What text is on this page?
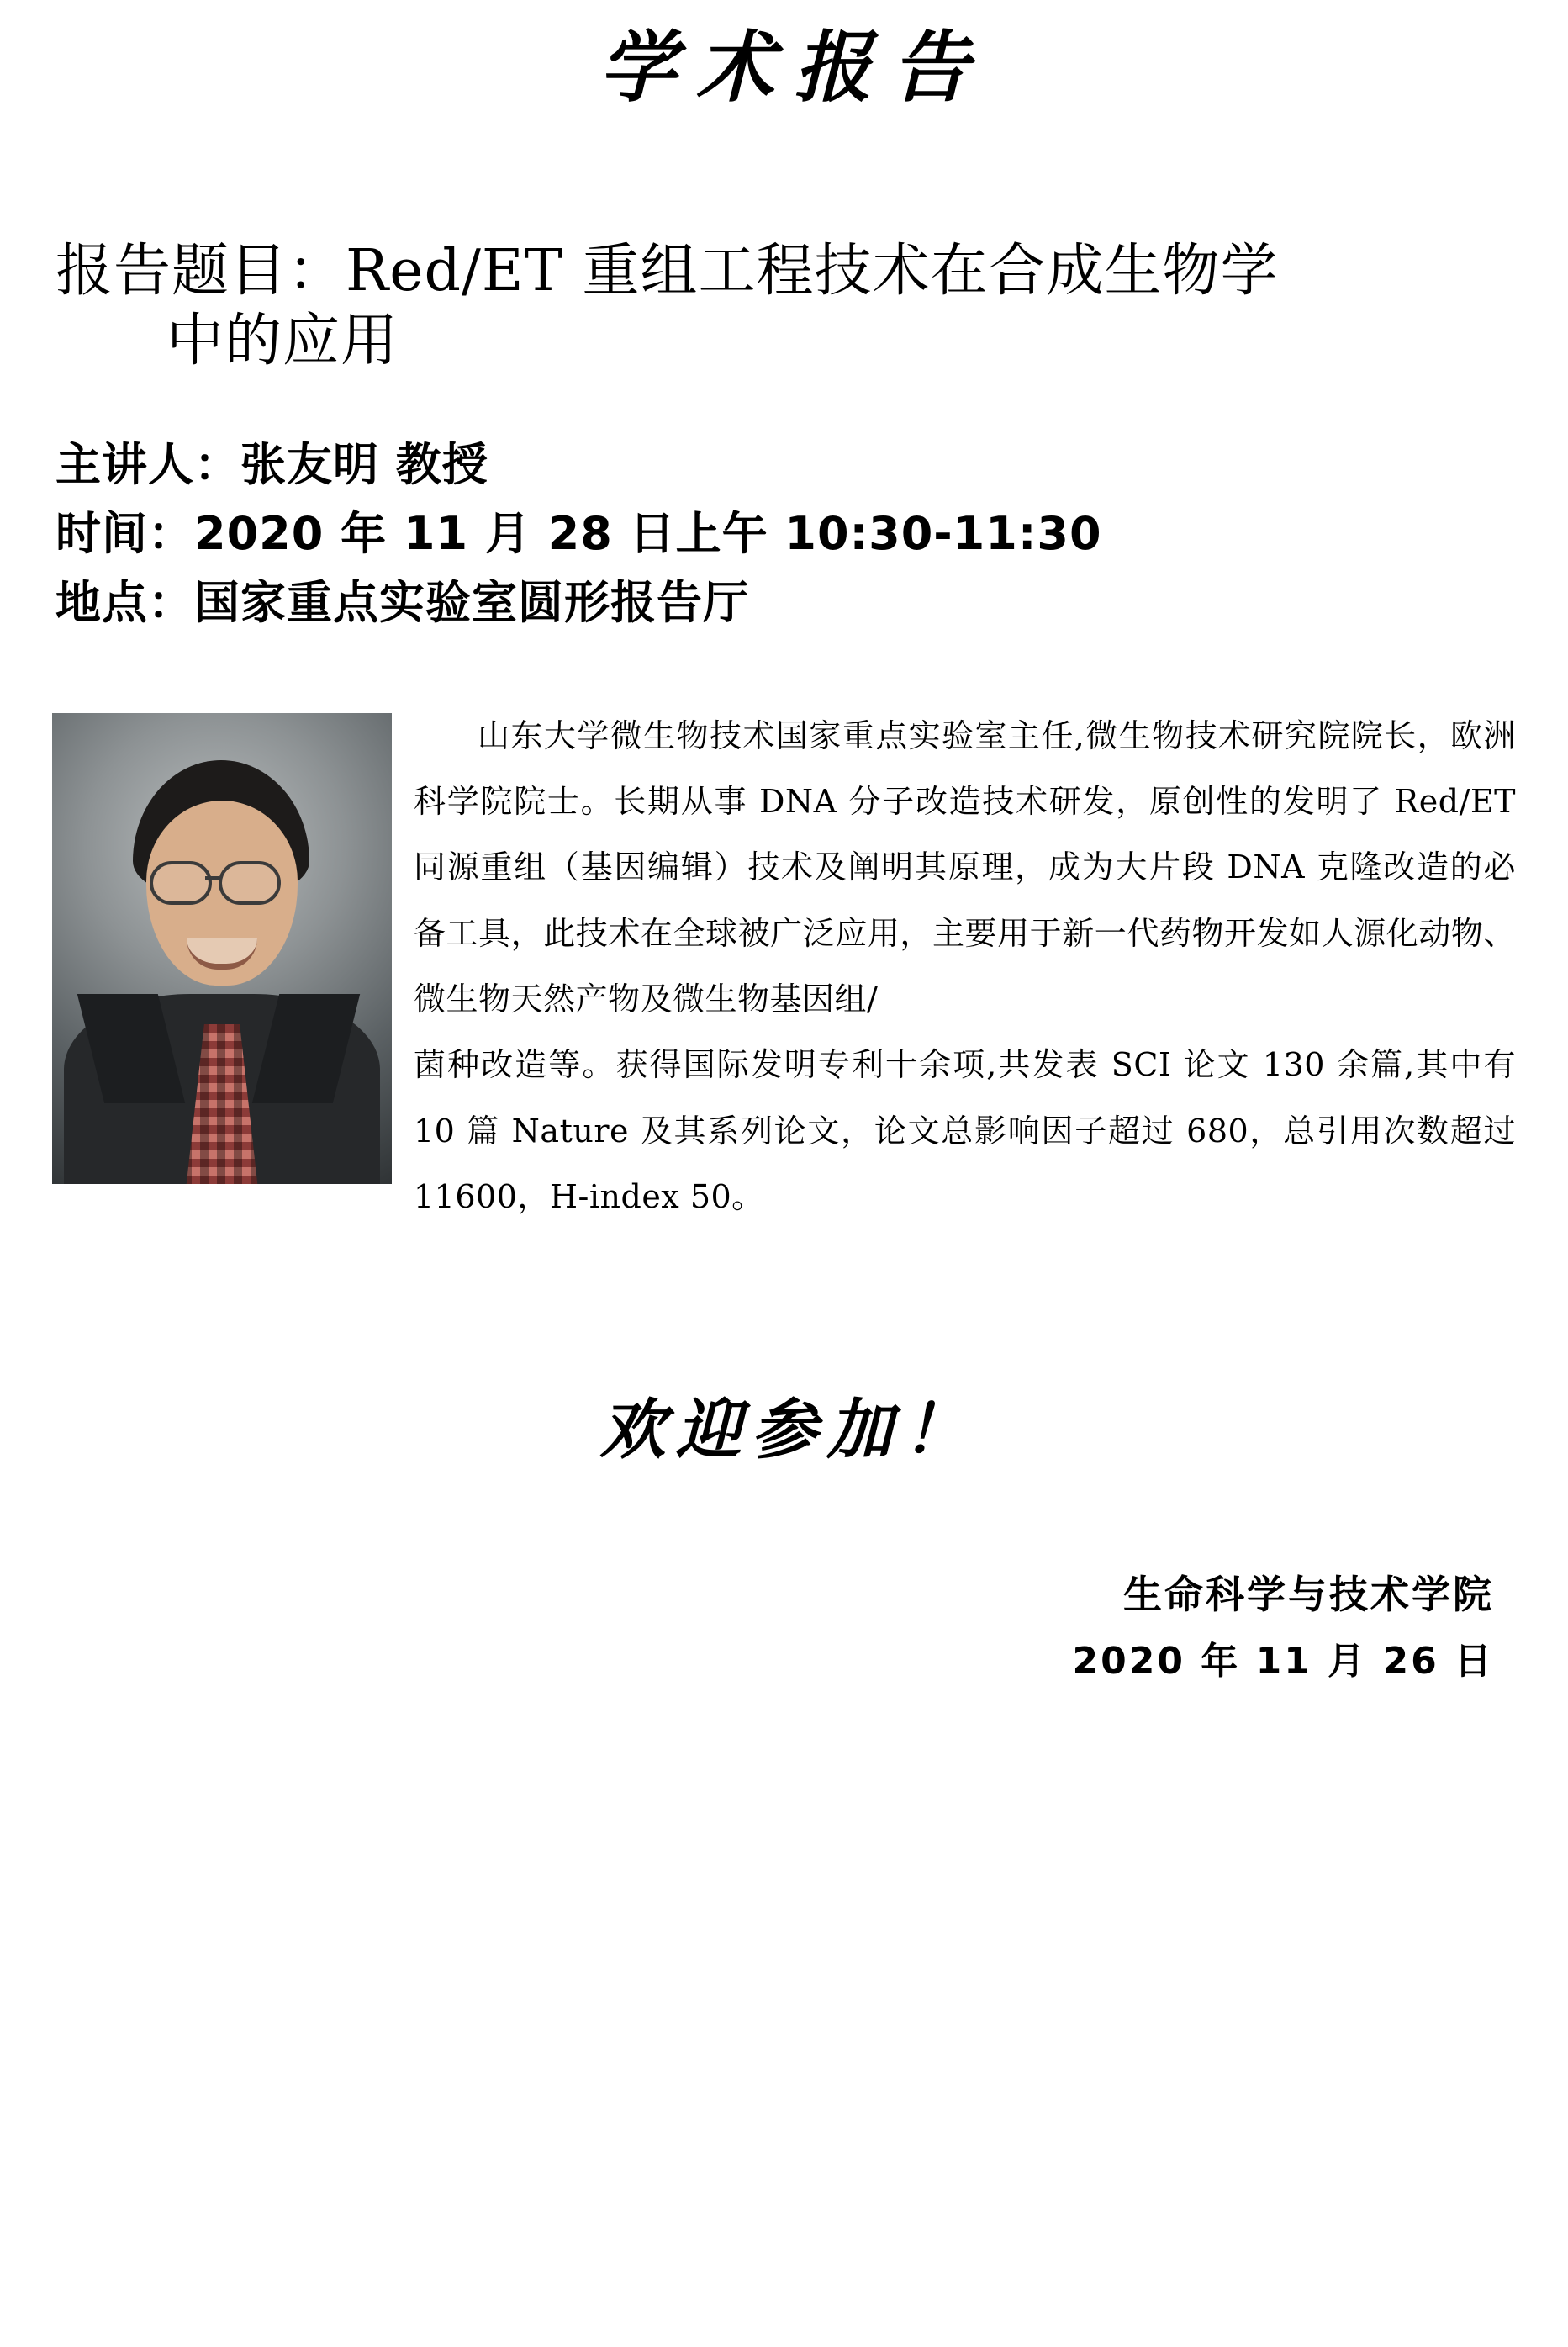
学术报告
报告题目：Red/ET 重组工程技术在合成生物学
中的应用
主讲人：张友明 教授
时间：2020 年 11 月 28 日上午 10:30-11:30
地点：国家重点实验室圆形报告厅

山东大学微生物技术国家重点实验室主任,微生物技术研究院院长，欧洲科学院院士。长期从事 DNA 分子改造技术研发，原创性的发明了 Red/ET 同源重组（基因编辑）技术及阐明其原理，成为大片段 DNA 克隆改造的必备工具，此技术在全球被广泛应用，主要用于新一代药物开发如人源化动物、微生物天然产物及微生物基因组/

菌种改造等。获得国际发明专利十余项,共发表 SCI 论文 130 余篇,其中有 10 篇 Nature 及其系列论文，论文总影响因子超过 680，总引用次数超过 11600，H-index 50。

欢迎参加！
生命科学与技术学院
2020 年 11 月 26 日
